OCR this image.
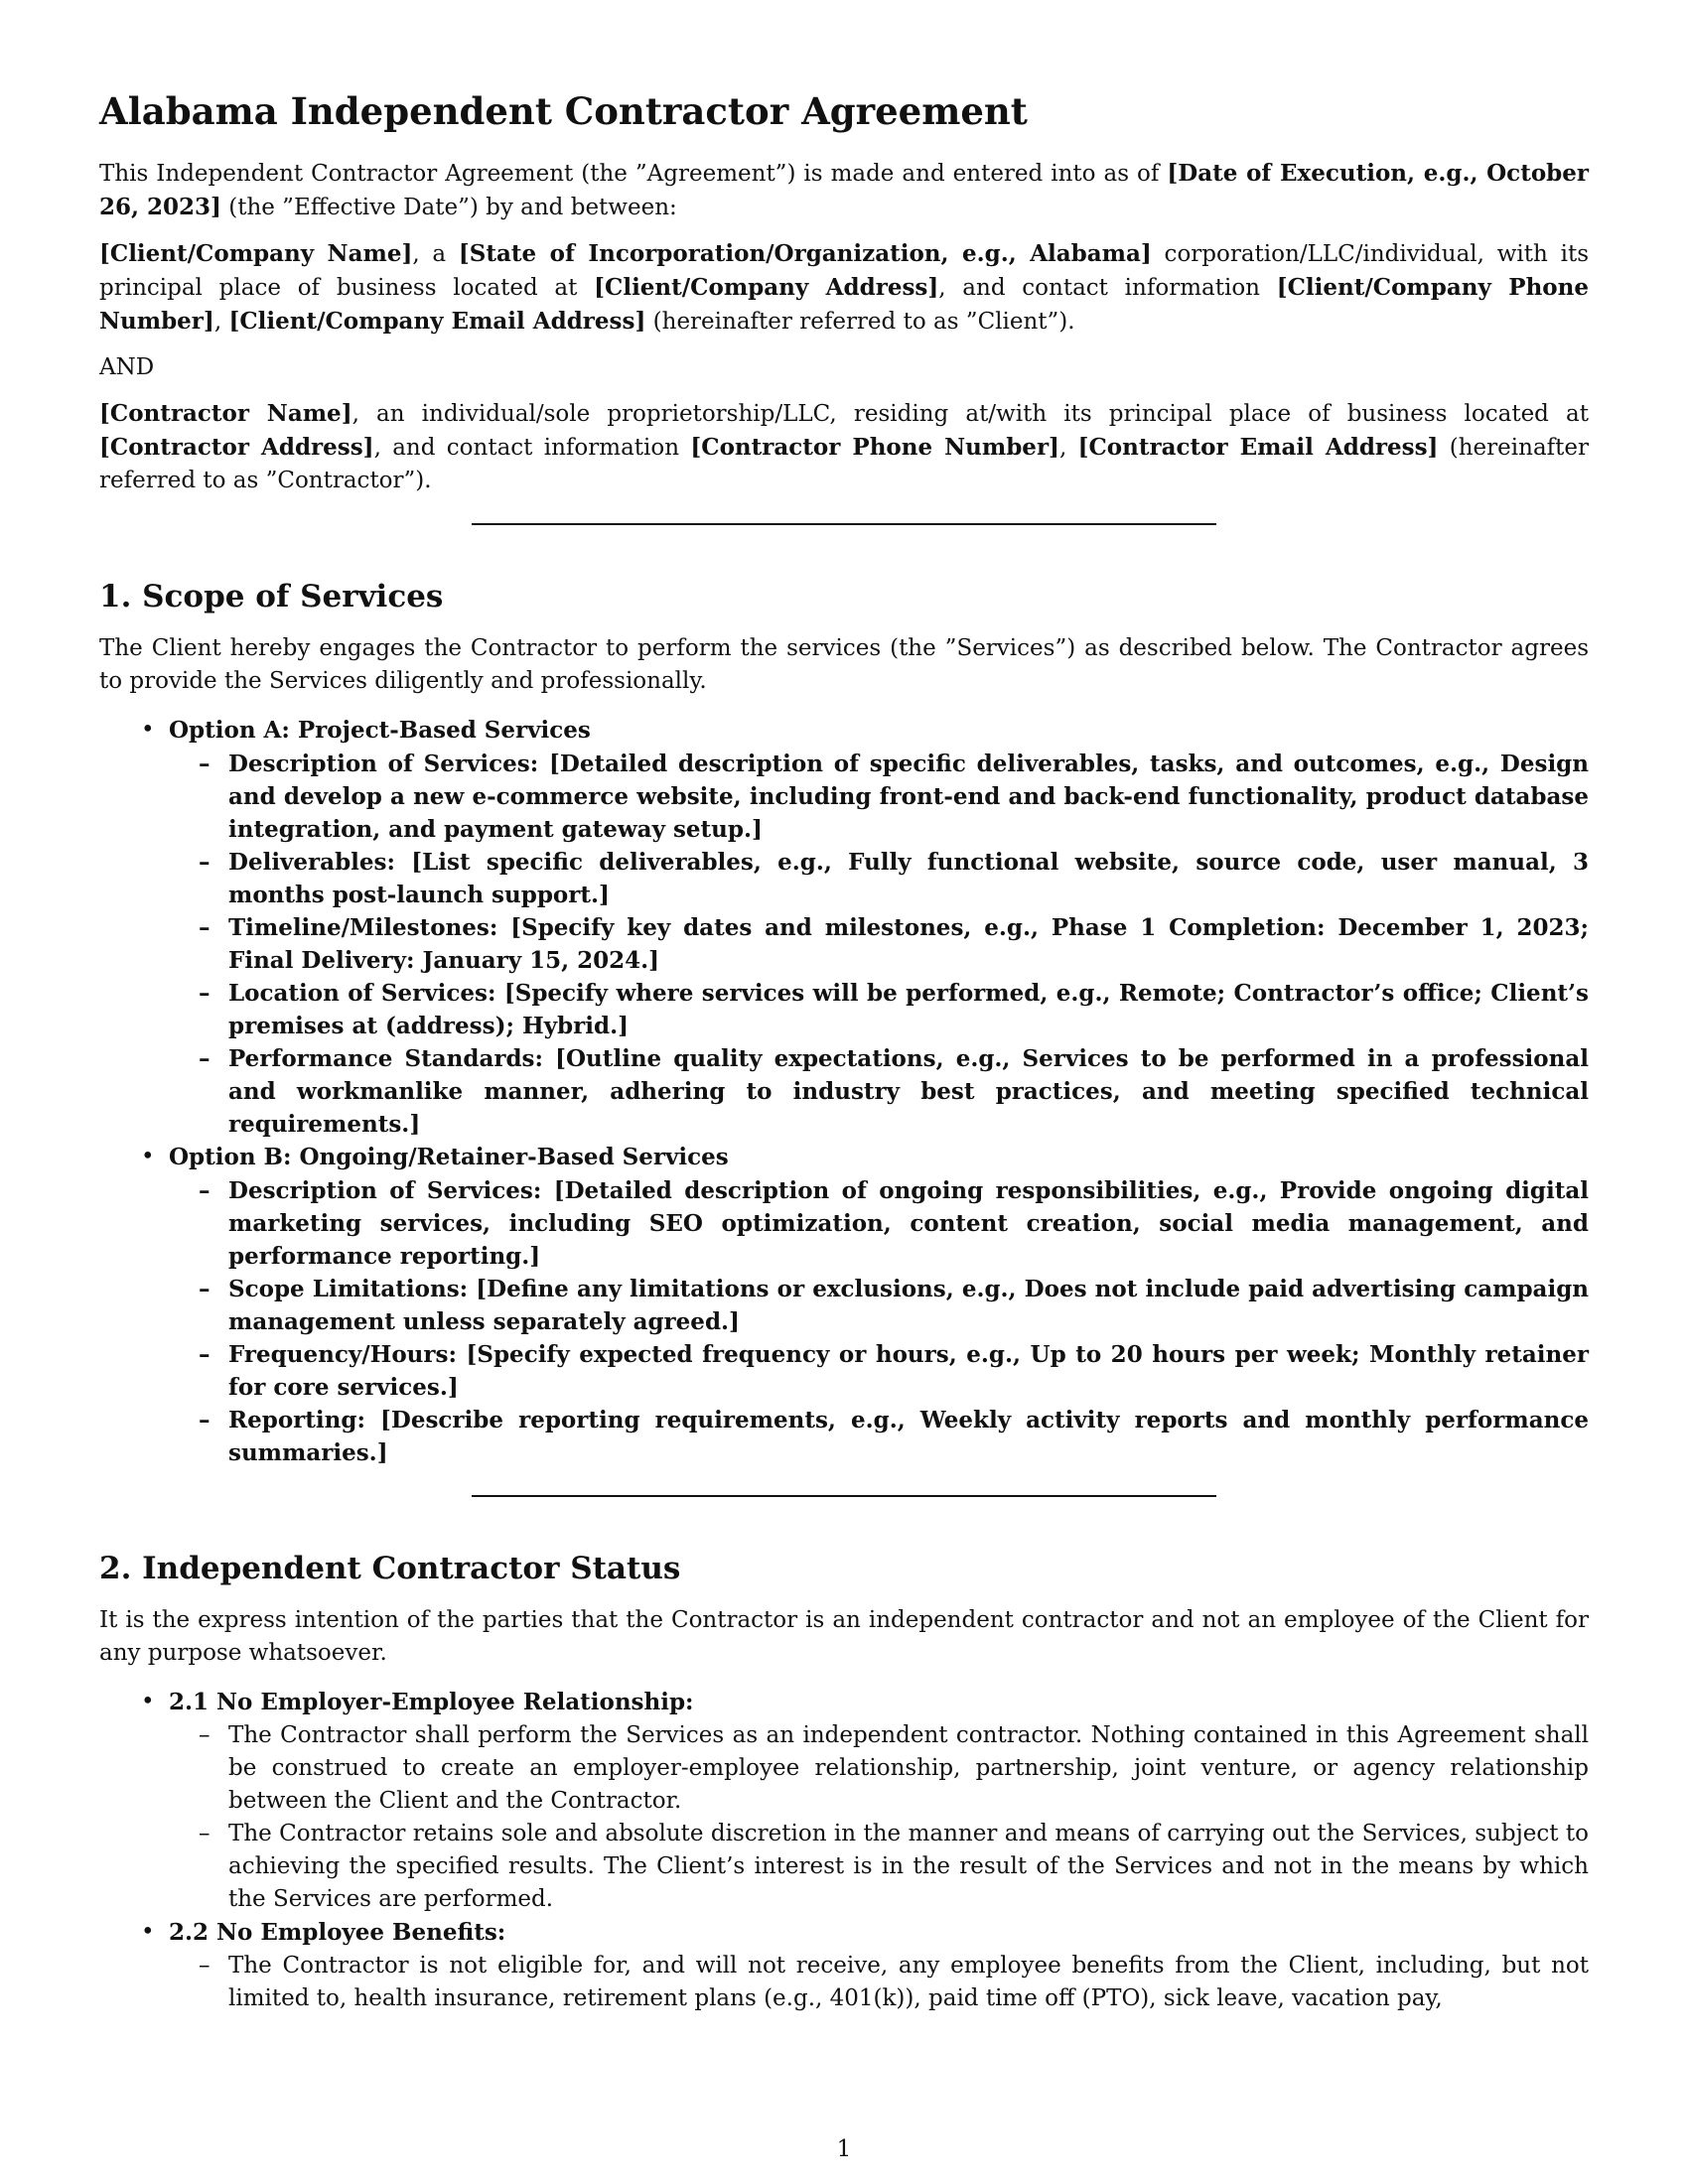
Alabama Independent Contractor Agreement

This Independent Contractor Agreement (the ”Agreement”) is made and entered into as of [Date of Execution, e.g., October 26, 2023] (the ”Effective Date”) by and between:

[Client/Company Name], a [State of Incorporation/Organization, e.g., Alabama] corporation/LLC/individual, with its principal place of business located at [Client/Company Address], and contact information [Client/Company Phone Number], [Client/Company Email Address] (hereinafter referred to as ”Client”).

AND

[Contractor Name], an individual/sole proprietorship/LLC, residing at/with its principal place of business located at [Contractor Address], and contact information [Contractor Phone Number], [Contractor Email Address] (hereinafter referred to as ”Contractor”).

1. Scope of Services

The Client hereby engages the Contractor to perform the services (the ”Services”) as described below. The Contractor agrees to provide the Services diligently and professionally.

• Option A: Project-Based Services
– Description of Services: [Detailed description of specific deliverables, tasks, and outcomes, e.g., Design and develop a new e-commerce website, including front-end and back-end functionality, product database integration, and payment gateway setup.]
– Deliverables: [List specific deliverables, e.g., Fully functional website, source code, user manual, 3 months post-launch support.]
– Timeline/Milestones: [Specify key dates and milestones, e.g., Phase 1 Completion: December 1, 2023; Final Delivery: January 15, 2024.]
– Location of Services: [Specify where services will be performed, e.g., Remote; Contractor’s office; Client’s premises at (address); Hybrid.]
– Performance Standards: [Outline quality expectations, e.g., Services to be performed in a professional and workmanlike manner, adhering to industry best practices, and meeting specified technical requirements.]
• Option B: Ongoing/Retainer-Based Services
– Description of Services: [Detailed description of ongoing responsibilities, e.g., Provide ongoing digital marketing services, including SEO optimization, content creation, social media management, and performance reporting.]
– Scope Limitations: [Define any limitations or exclusions, e.g., Does not include paid advertising campaign management unless separately agreed.]
– Frequency/Hours: [Specify expected frequency or hours, e.g., Up to 20 hours per week; Monthly retainer for core services.]
– Reporting: [Describe reporting requirements, e.g., Weekly activity reports and monthly performance summaries.]
2. Independent Contractor Status

It is the express intention of the parties that the Contractor is an independent contractor and not an employee of the Client for any purpose whatsoever.

• 2.1 No Employer-Employee Relationship:
– The Contractor shall perform the Services as an independent contractor. Nothing contained in this Agreement shall be construed to create an employer-employee relationship, partnership, joint venture, or agency relationship between the Client and the Contractor.
– The Contractor retains sole and absolute discretion in the manner and means of carrying out the Services, subject to achieving the specified results. The Client’s interest is in the result of the Services and not in the means by which the Services are performed.
• 2.2 No Employee Benefits:
– The Contractor is not eligible for, and will not receive, any employee benefits from the Client, including, but not limited to, health insurance, retirement plans (e.g., 401(k)), paid time off (PTO), sick leave, vacation pay,
1
